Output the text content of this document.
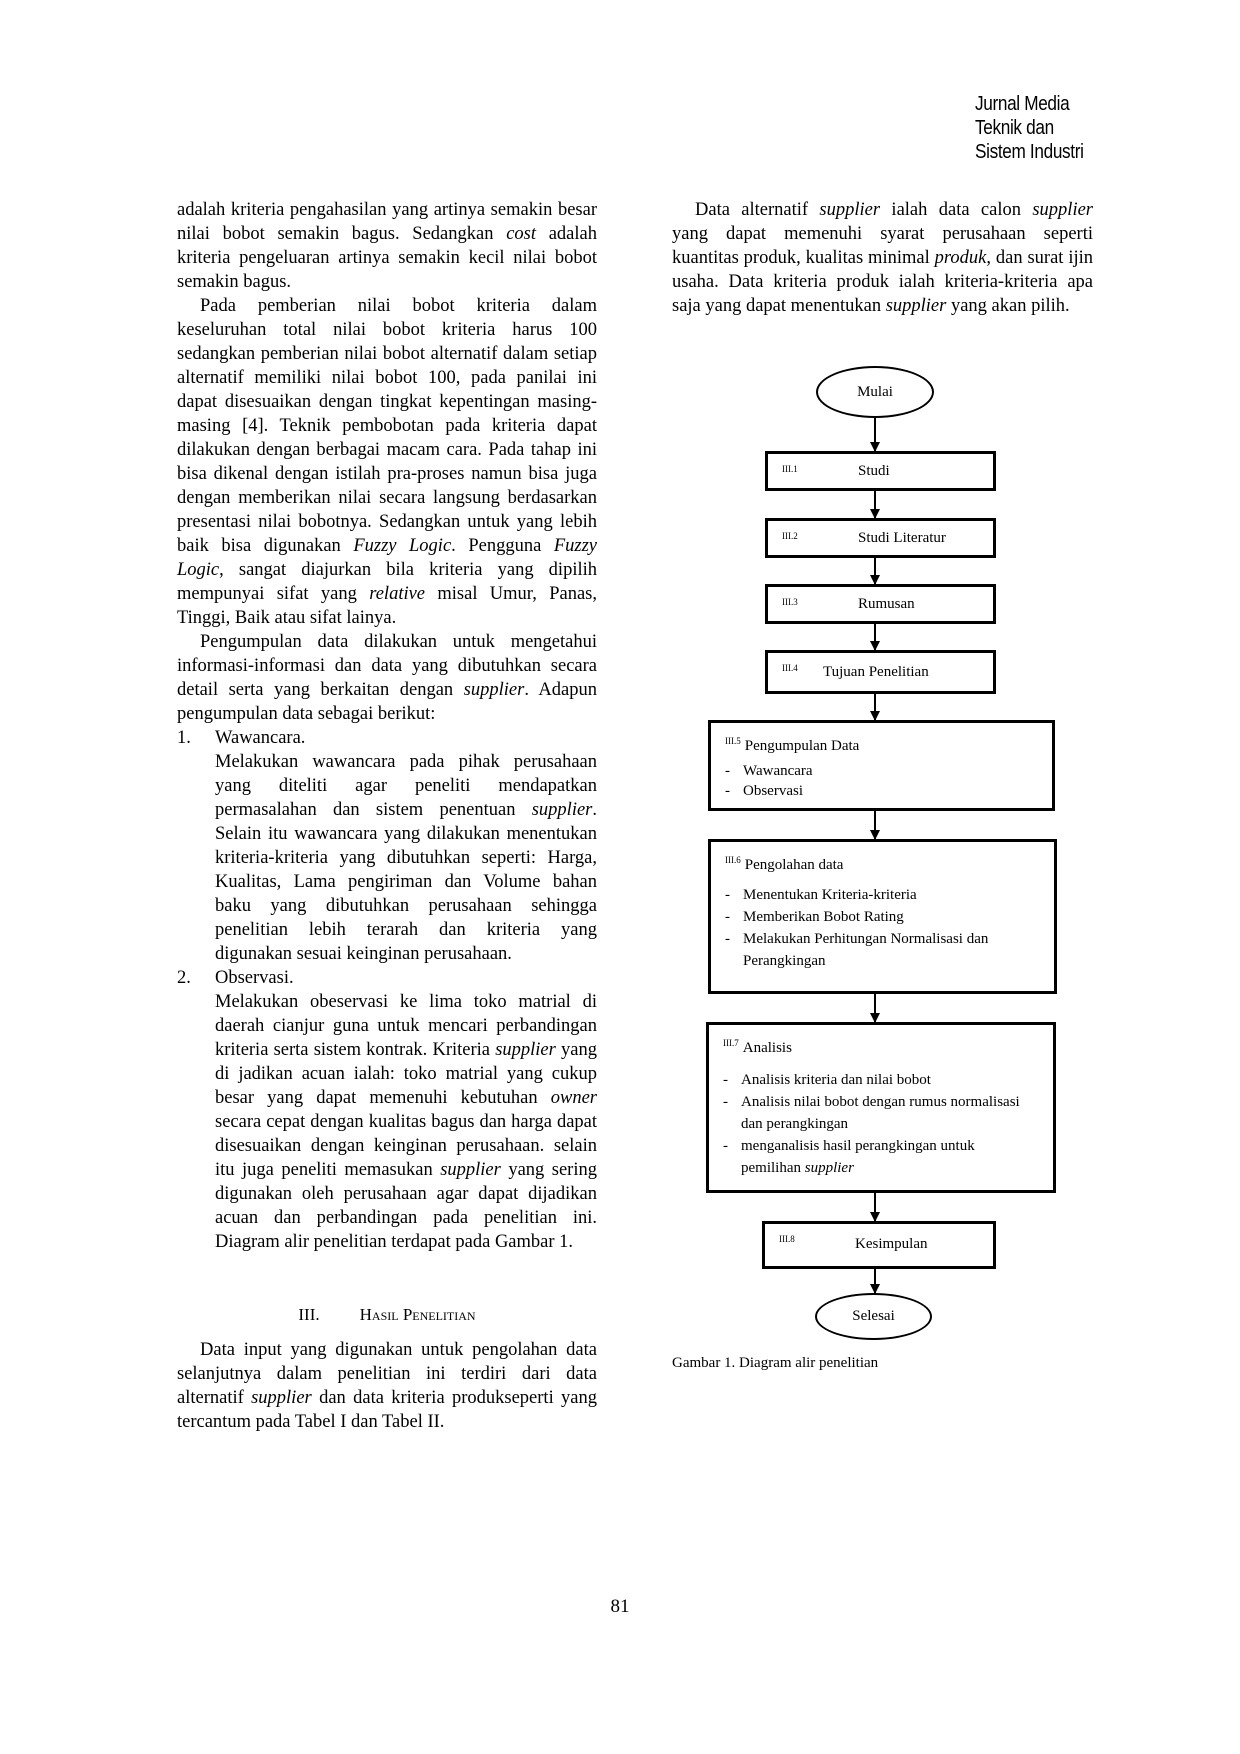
Jurnal Media
Teknik dan
Sistem Industri

adalah kriteria pengahasilan yang artinya semakin besar nilai bobot semakin bagus. Sedangkan cost adalah kriteria pengeluaran artinya semakin kecil nilai bobot semakin bagus.

Pada pemberian nilai bobot kriteria dalam keseluruhan total nilai bobot kriteria harus 100 sedangkan pemberian nilai bobot alternatif dalam setiap alternatif memiliki nilai bobot 100, pada panilai ini dapat disesuaikan dengan tingkat kepentingan masing-masing [4]. Teknik pembobotan pada kriteria dapat dilakukan dengan berbagai macam cara. Pada tahap ini bisa dikenal dengan istilah pra-proses namun bisa juga dengan memberikan nilai secara langsung berdasarkan presentasi nilai bobotnya. Sedangkan untuk yang lebih baik bisa digunakan Fuzzy Logic. Pengguna Fuzzy Logic, sangat diajurkan bila kriteria yang dipilih mempunyai sifat yang relative misal Umur, Panas, Tinggi, Baik atau sifat lainya.

Pengumpulan data dilakukan untuk mengetahui informasi-informasi dan data yang dibutuhkan secara detail serta yang berkaitan dengan supplier. Adapun pengumpulan data sebagai berikut:

1. Wawancara.
Melakukan wawancara pada pihak perusahaan yang diteliti agar peneliti mendapatkan permasalahan dan sistem penentuan supplier. Selain itu wawancara yang dilakukan menentukan kriteria-kriteria yang dibutuhkan seperti: Harga, Kualitas, Lama pengiriman dan Volume bahan baku yang dibutuhkan perusahaan sehingga penelitian lebih terarah dan kriteria yang digunakan sesuai keinginan perusahaan.
2. Observasi.
Melakukan obeservasi ke lima toko matrial di daerah cianjur guna untuk mencari perbandingan kriteria serta sistem kontrak. Kriteria supplier yang di jadikan acuan ialah: toko matrial yang cukup besar yang dapat memenuhi kebutuhan owner secara cepat dengan kualitas bagus dan harga dapat disesuaikan dengan keinginan perusahaan. selain itu juga peneliti memasukan supplier yang sering digunakan oleh perusahaan agar dapat dijadikan acuan dan perbandingan pada penelitian ini. Diagram alir penelitian terdapat pada Gambar 1.
III. Hasil Penelitian

Data input yang digunakan untuk pengolahan data selanjutnya dalam penelitian ini terdiri dari data alternatif supplier dan data kriteria produkseperti yang tercantum pada Tabel I dan Tabel II.

Data alternatif supplier ialah data calon supplier yang dapat memenuhi syarat perusahaan seperti kuantitas produk, kualitas minimal produk, dan surat ijin usaha. Data kriteria produk ialah kriteria-kriteria apa saja yang dapat menentukan supplier yang akan pilih.

Mulai
III.1	Studi
III.2	Studi Literatur
III.3	Rumusan
III.4 Tujuan Penelitian
$^{III.5}$ Pengumpulan Data
- Wawancara
- Observasi
$^{III.6}$ Pengolahan data
- Menentukan Kriteria-kriteria
- Memberikan Bobot Rating
- Melakukan Perhitungan Normalisasi dan Perangkingan
$^{III.7}$ Analisis
- Analisis kriteria dan nilai bobot
- Analisis nilai bobot dengan rumus normalisasi dan perangkingan
- menganalisis hasil perangkingan untuk pemilihan supplier
III.8	Kesimpulan
Selesai
Gambar 1. Diagram alir penelitian
81
